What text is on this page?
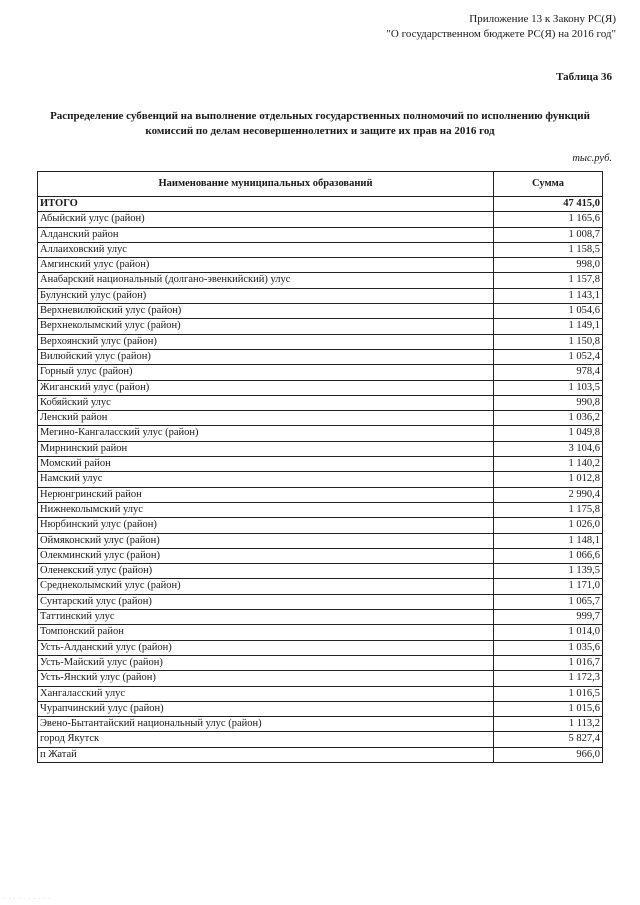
Приложение 13 к Закону РС(Я)
"О государственном бюджете РС(Я) на 2016 год"
Таблица 36
Распределение субвенций на выполнение отдельных государственных полномочий по исполнению функций комиссий по делам несовершеннолетних и защите их прав на 2016 год
тыс.руб.
Наименование муниципальных образований	Сумма
ИТОГО	47 415,0
Абыйский улус (район)	1 165,6
Алданский район	1 008,7
Аллаиховский улус	1 158,5
Амгинский улус (район)	998,0
Анабарский национальный (долгано-эвенкийский) улус	1 157,8
Булунский улус (район)	1 143,1
Верхневилюйский улус (район)	1 054,6
Верхнеколымский улус (район)	1 149,1
Верхоянский улус (район)	1 150,8
Вилюйский улус (район)	1 052,4
Горный улус (район)	978,4
Жиганский улус (район)	1 103,5
Кобяйский улус	990,8
Ленский район	1 036,2
Мегино-Кангаласский улус (район)	1 049,8
Мирнинский район	3 104,6
Момский район	1 140,2
Намский улус	1 012,8
Нерюнгринский район	2 990,4
Нижнеколымский улус	1 175,8
Нюрбинский улус (район)	1 026,0
Оймяконский улус (район)	1 148,1
Олекминский улус (район)	1 066,6
Оленекский улус (район)	1 139,5
Среднеколымский улус (район)	1 171,0
Сунтарский улус (район)	1 065,7
Таттинский улус	999,7
Томпонский район	1 014,0
Усть-Алданский улус (район)	1 035,6
Усть-Майский улус (район)	1 016,7
Усть-Янский улус (район)	1 172,3
Хангаласский улус	1 016,5
Чурапчинский улус (район)	1 015,6
Эвено-Бытантайский национальный улус (район)	1 113,2
город Якутск	5 827,4
п Жатай	966,0
· · · · · · · · · ·
